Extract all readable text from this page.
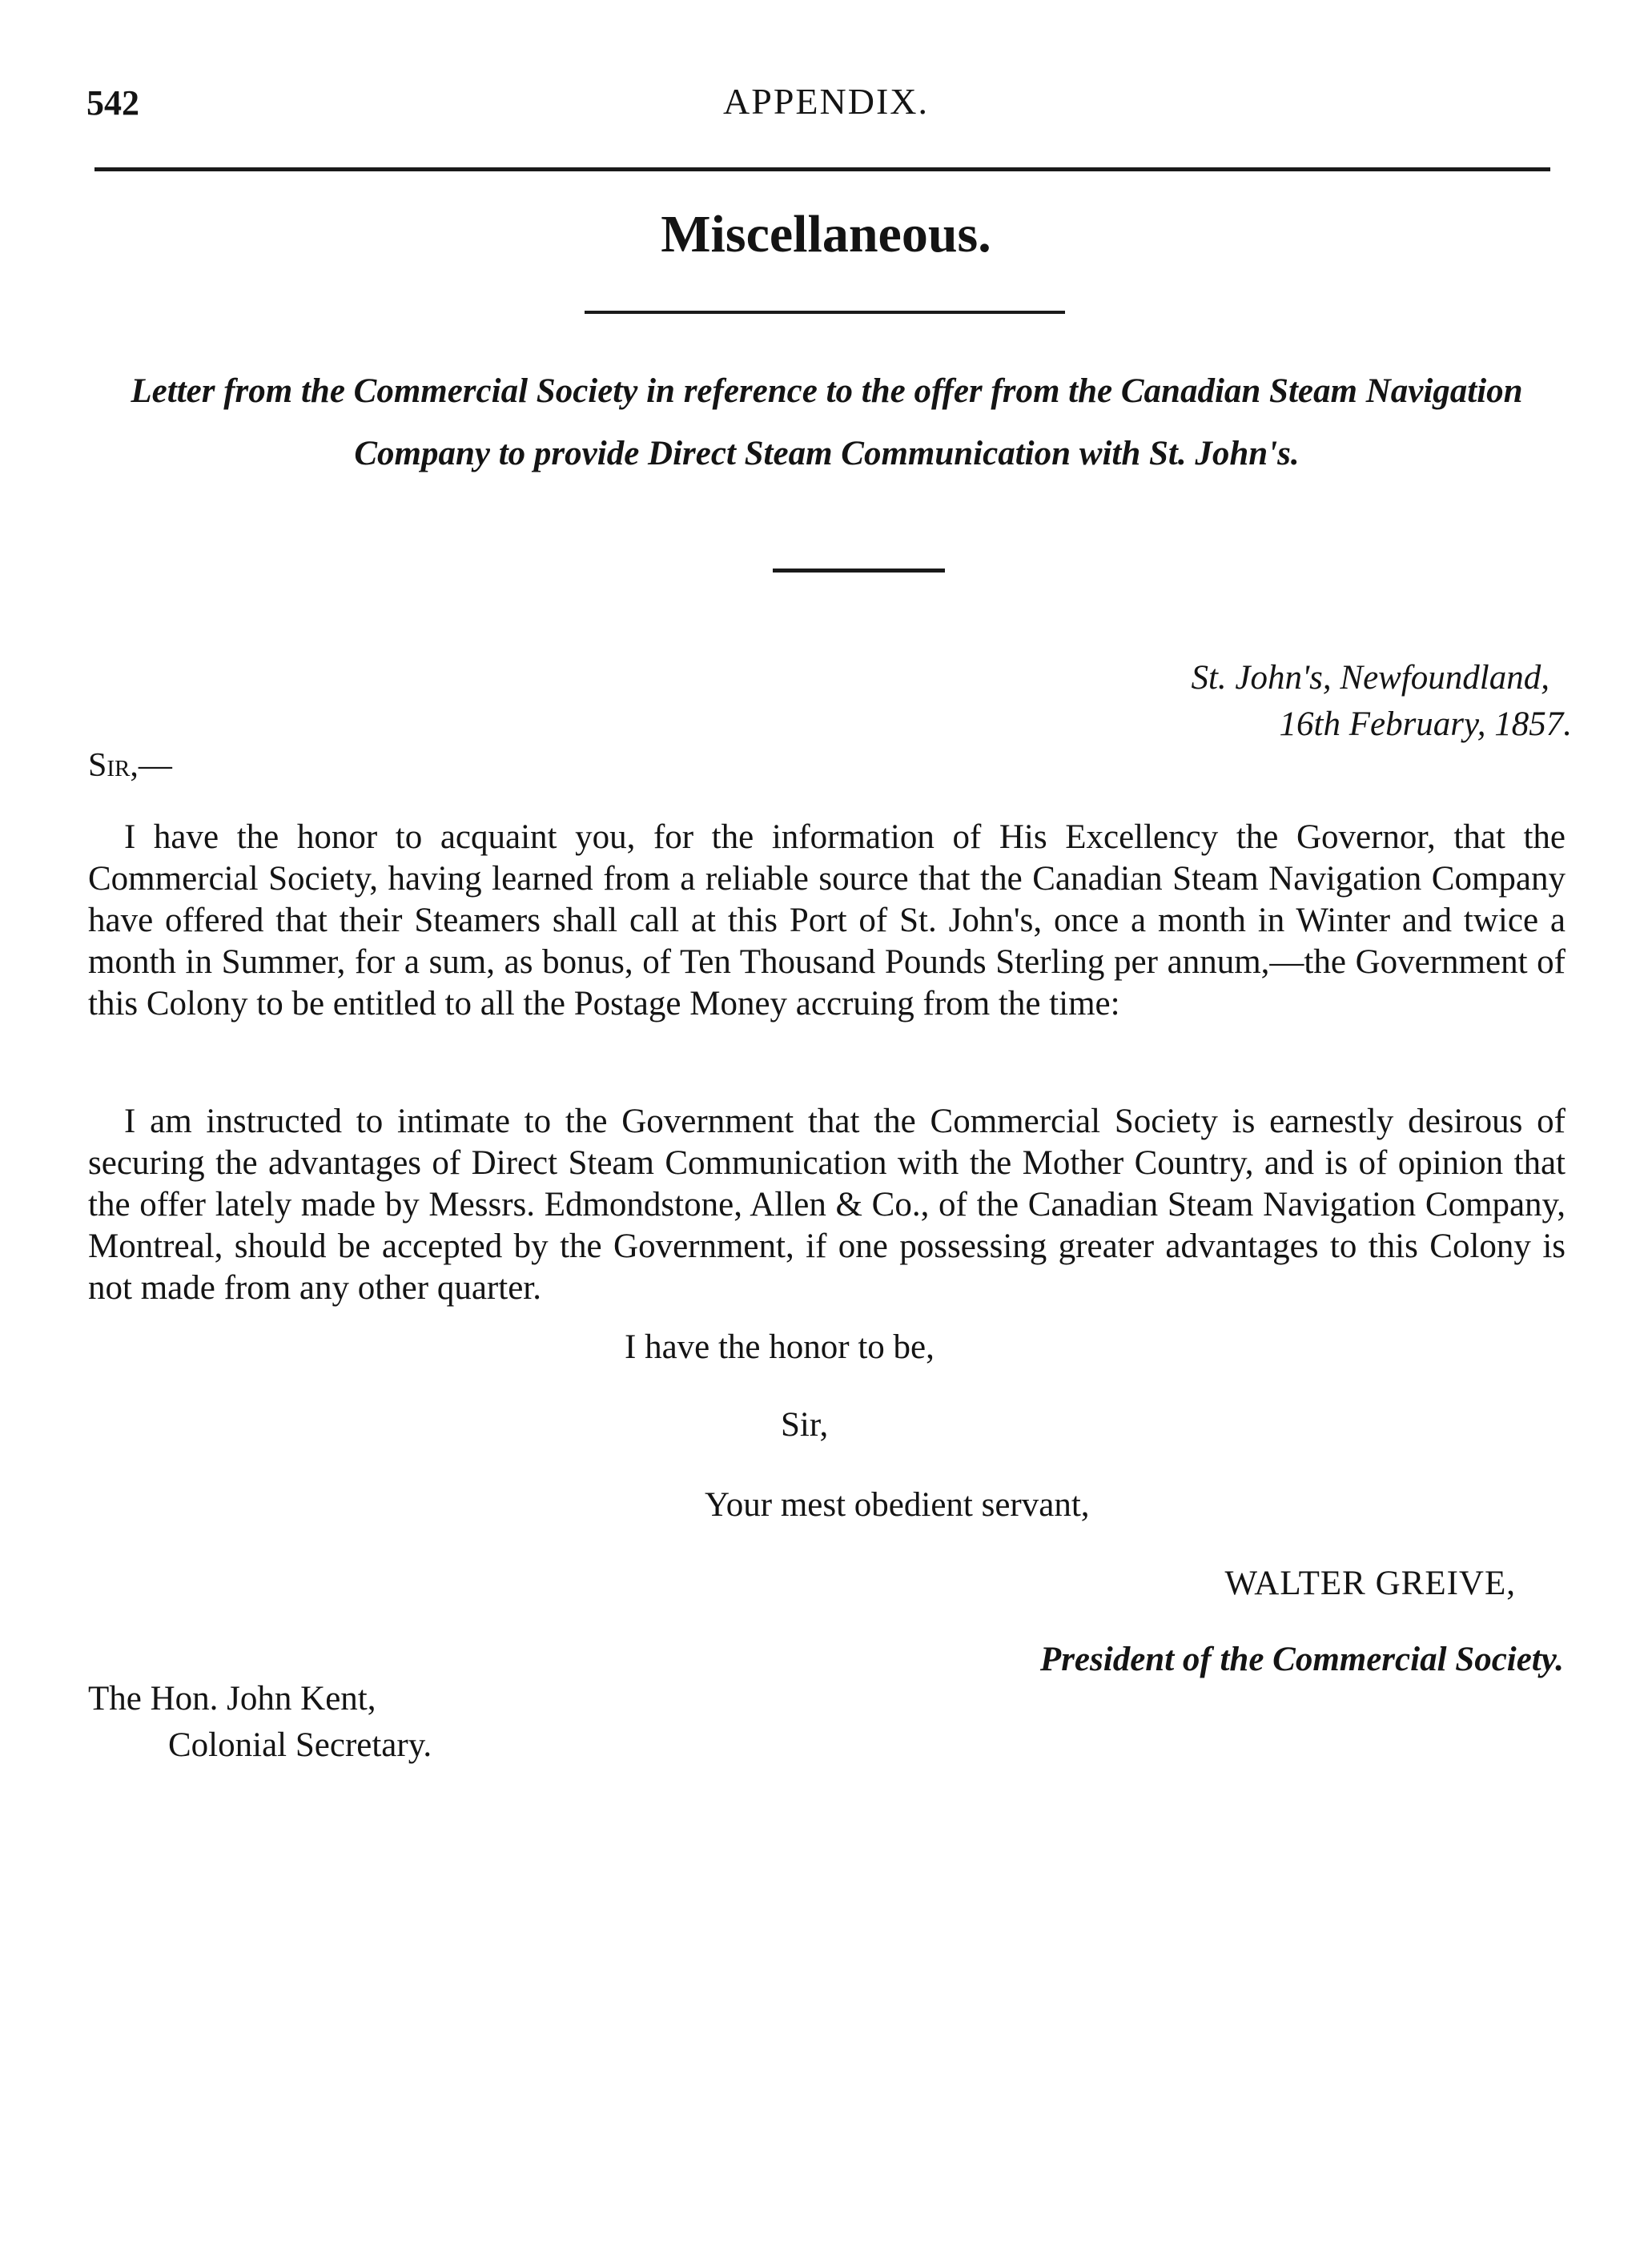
542	APPENDIX.
Miscellaneous.
Letter from the Commercial Society in reference to the offer from the Canadian Steam Navigation Company to provide Direct Steam Communication with St. John's.
St. John's, Newfoundland,
16th February, 1857.
Sir,—

I have the honor to acquaint you, for the information of His Excellency the Governor, that the Commercial Society, having learned from a reliable source that the Canadian Steam Navigation Company have offered that their Steamers shall call at this Port of St. John's, once a month in Winter and twice a month in Summer, for a sum, as bonus, of Ten Thousand Pounds Sterling per annum,—the Government of this Colony to be entitled to all the Postage Money accruing from the time:

I am instructed to intimate to the Government that the Commercial Society is earnestly desirous of securing the advantages of Direct Steam Communication with the Mother Country, and is of opinion that the offer lately made by Messrs. Edmondstone, Allen & Co., of the Canadian Steam Navigation Company, Montreal, should be accepted by the Government, if one possessing greater advantages to this Colony is not made from any other quarter.

I have the honor to be,
Sir,
Your mest obedient servant,
WALTER GREIVE,
President of the Commercial Society.
The Hon. John Kent,
Colonial Secretary.
